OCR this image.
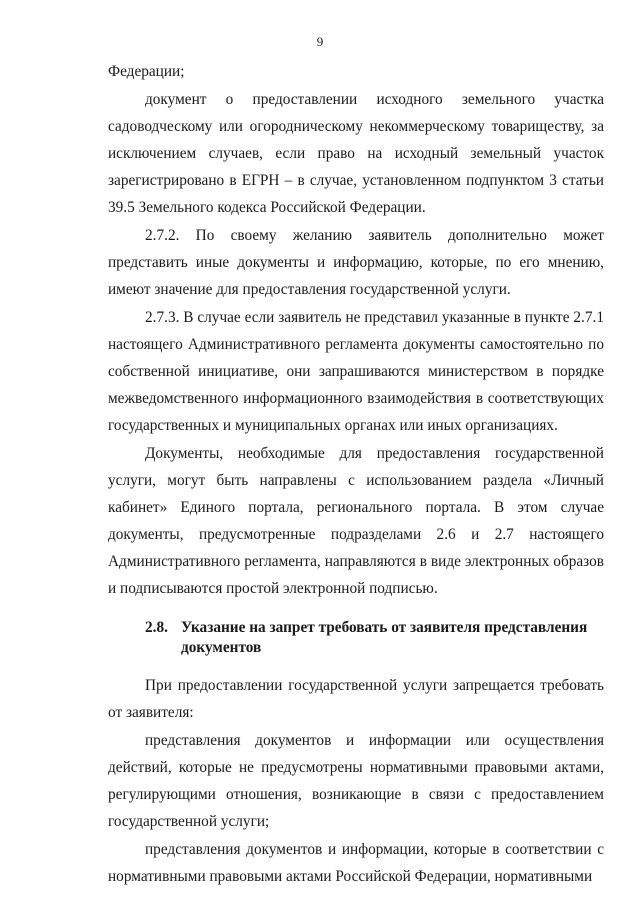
9

Федерации;

документ о предоставлении исходного земельного участка садоводческому или огородническому некоммерческому товариществу, за исключением случаев, если право на исходный земельный участок зарегистрировано в ЕГРН – в случае, установленном подпунктом 3 статьи 39.5 Земельного кодекса Российской Федерации.

2.7.2. По своему желанию заявитель дополнительно может представить иные документы и информацию, которые, по его мнению, имеют значение для предоставления государственной услуги.

2.7.3. В случае если заявитель не представил указанные в пункте 2.7.1 настоящего Административного регламента документы самостоятельно по собственной инициативе, они запрашиваются министерством в порядке межведомственного информационного взаимодействия в соответствующих государственных и муниципальных органах или иных организациях.

Документы, необходимые для предоставления государственной услуги, могут быть направлены с использованием раздела «Личный кабинет» Единого портала, регионального портала. В этом случае документы, предусмотренные подразделами 2.6 и 2.7 настоящего Административного регламента, направляются в виде электронных образов и подписываются простой электронной подписью.

2.8. Указание на запрет требовать от заявителя представления документов

При предоставлении государственной услуги запрещается требовать от заявителя:

представления документов и информации или осуществления действий, которые не предусмотрены нормативными правовыми актами, регулирующими отношения, возникающие в связи с предоставлением государственной услуги;

представления документов и информации, которые в соответствии с нормативными правовыми актами Российской Федерации, нормативными
